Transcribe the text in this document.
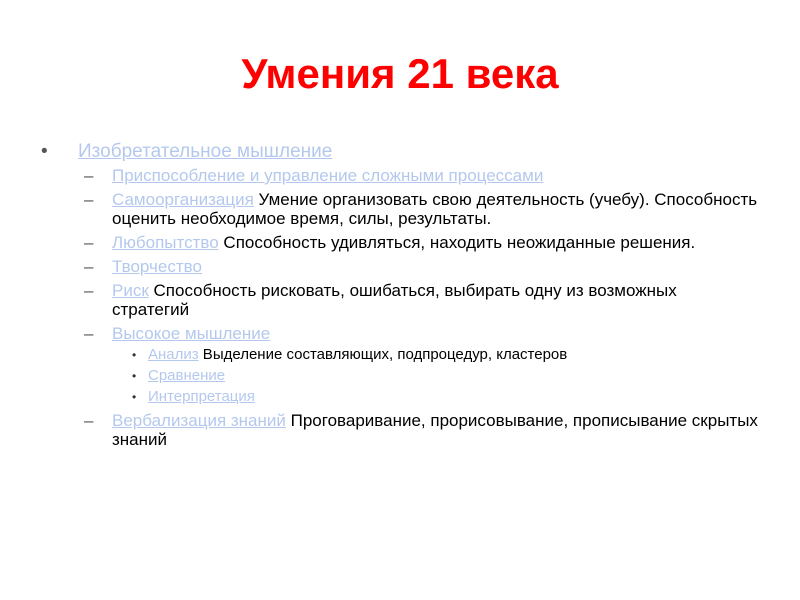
Умения 21 века
• Изобретательное мышление
– Приспособление и управление сложными процессами
– Самоорганизация Умение организовать свою деятельность (учебу). Способность оценить необходимое время, силы, результаты.
– Любопытство Способность удивляться, находить неожиданные решения.
– Творчество
– Риск Способность рисковать, ошибаться, выбирать одну из возможных стратегий
– Высокое мышление
• Анализ Выделение составляющих, подпроцедур, кластеров
• Сравнение
• Интерпретация
– Вербализация знаний Проговаривание, прорисовывание, прописывание скрытых знаний
